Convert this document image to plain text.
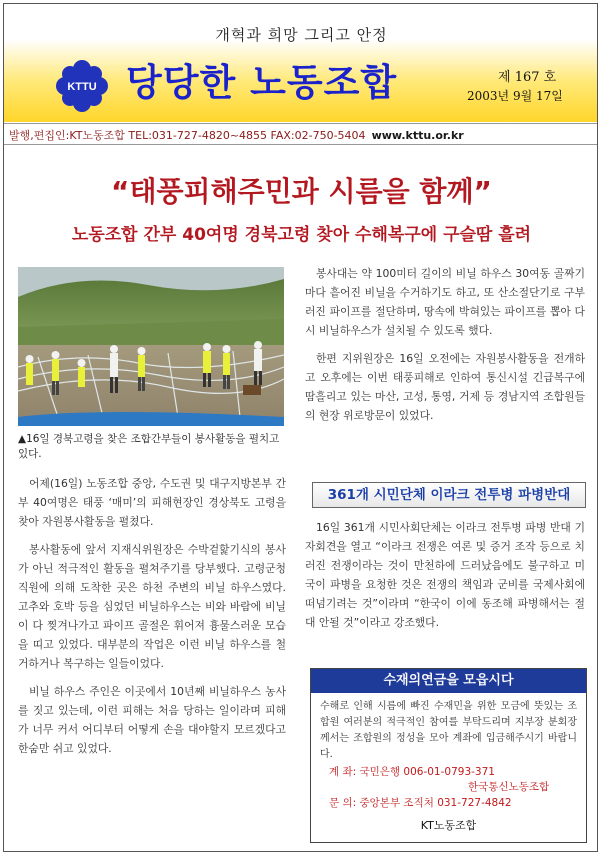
개혁과 희망 그리고 안정
KTTU 당당한 노동조합	제 167 호
2003년 9월 17일
발행,편집인:KT노동조합 TEL:031-727-4820~4855 FAX:02-750-5404 www.kttu.or.kr
“태풍피해주민과 시름을 함께”
노동조합 간부 40여명 경북고령 찾아 수해복구에 구슬땀 흘려
▲16일 경북고령을 찾은 조합간부들이 봉사활동을 펼치고 있다.

어제(16일) 노동조합 중앙, 수도권 및 대구지방본부 간부 40여명은 태풍 ‘매미’의 피해현장인 경상북도 고령을 찾아 자원봉사활동을 펼쳤다.

봉사활동에 앞서 지재식위원장은 수박겉핥기식의 봉사가 아닌 적극적인 활동을 펼쳐주기를 당부했다. 고령군청 직원에 의해 도착한 곳은 하천 주변의 비닐 하우스였다. 고추와 호박 등을 심었던 비닐하우스는 비와 바람에 비닐이 다 찢겨나가고 파이프 골절은 휘어져 흉물스러운 모습을 띠고 있었다. 대부분의 작업은 이런 비닐 하우스를 철거하거나 복구하는 일들이었다.

비닐 하우스 주인은 이곳에서 10년째 비닐하우스 농사를 짓고 있는데, 이런 피해는 처음 당하는 일이라며 피해가 너무 커서 어디부터 어떻게 손을 대야할지 모르겠다고 한숨만 쉬고 있었다.

봉사대는 약 100미터 길이의 비닐 하우스 30여동 골짜기마다 흩어진 비닐을 수거하기도 하고, 또 산소절단기로 구부러진 파이프를 절단하며, 땅속에 박혀있는 파이프를 뽑아 다시 비닐하우스가 설치될 수 있도록 했다.

한편 지위원장은 16일 오전에는 자원봉사활동을 전개하고 오후에는 이번 태풍피해로 인하여 통신시설 긴급복구에 땀흘리고 있는 마산, 고성, 통영, 거제 등 경남지역 조합원들의 현장 위로방문이 있었다.

361개 시민단체 이라크 전투병 파병반대

16일 361개 시민사회단체는 이라크 전투병 파병 반대 기자회견을 열고 “이라크 전쟁은 여론 및 증거 조작 등으로 치러진 전쟁이라는 것이 만천하에 드러났음에도 불구하고 미국이 파병을 요청한 것은 전쟁의 책임과 군비를 국제사회에 떠넘기려는 것”이라며 “한국이 이에 동조해 파병해서는 절대 안될 것”이라고 강조했다.

수재의연금을 모읍시다
수해로 인해 시름에 빠진 수재민을 위한 모금에 뜻있는 조합원 여러분의 적극적인 참여를 부탁드리며 지부장 분회장께서는 조합원의 정성을 모아 계좌에 입금해주시기 바랍니다.
계 좌: 국민은행 006-01-0793-371
한국통신노동조합
문 의: 중앙본부 조직처 031-727-4842
KT노동조합
